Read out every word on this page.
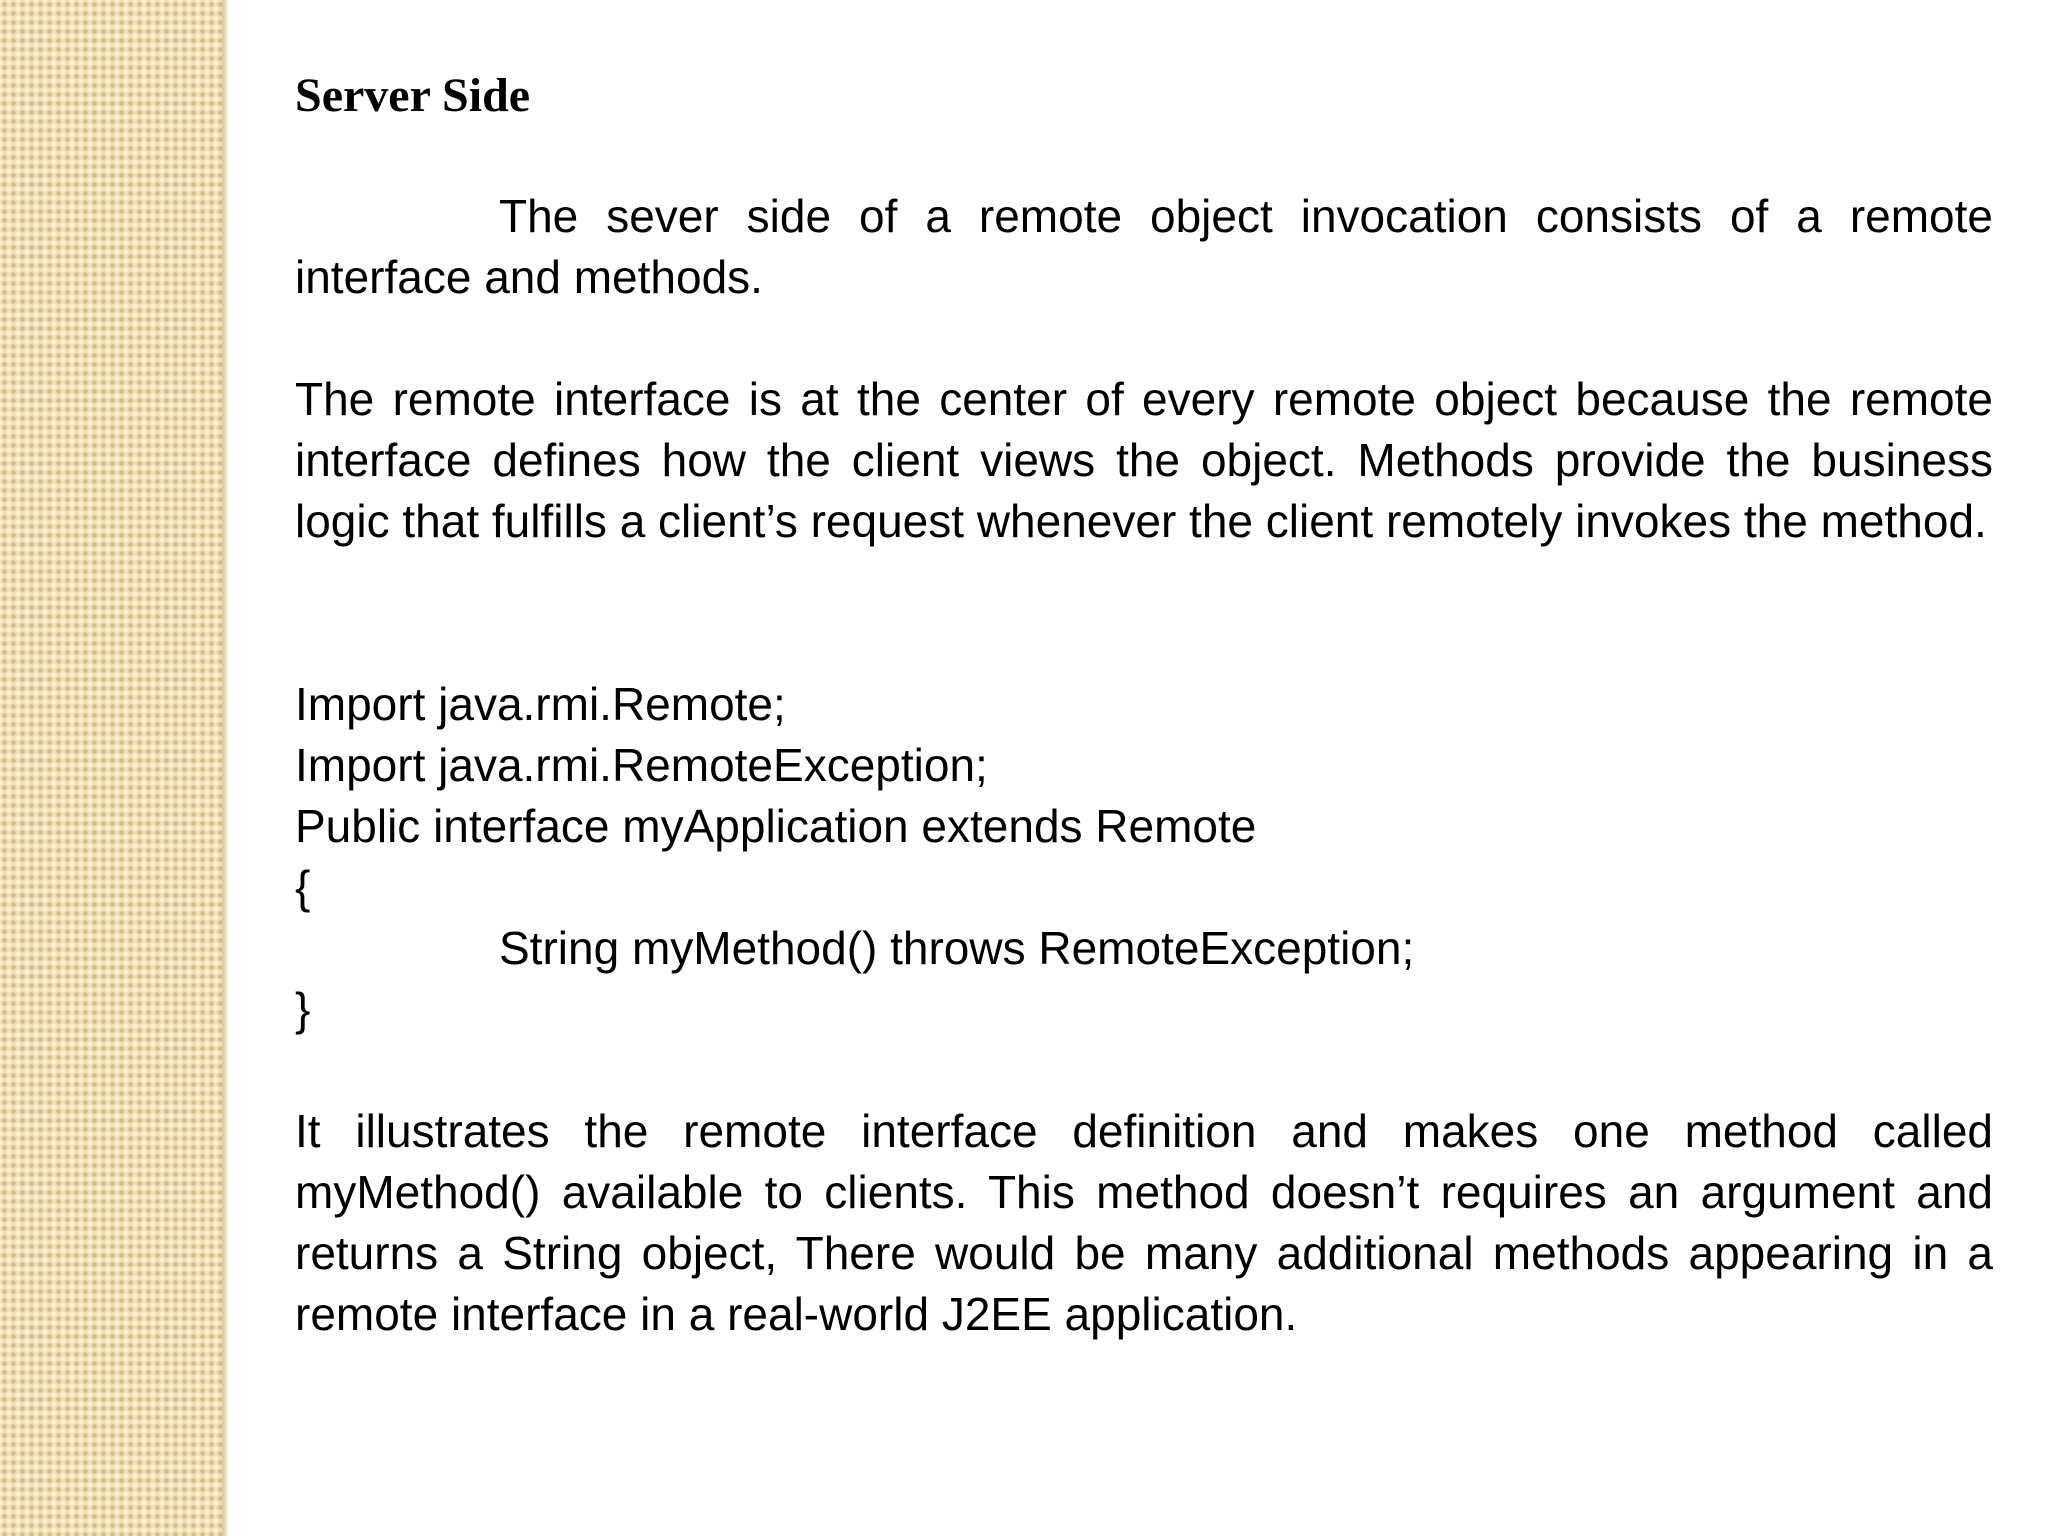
Server Side

The sever side of a remote object invocation consists of a remote interface and methods.

The remote interface is at the center of every remote object because the remote interface defines how the client views the object. Methods provide the business logic that fulfills a client’s request whenever the client remotely invokes the method.

Import java.rmi.Remote;

Import java.rmi.RemoteException;

Public interface myApplication extends Remote

{

String myMethod() throws RemoteException;

}

It illustrates the remote interface definition and makes one method called myMethod() available to clients. This method doesn’t requires an argument and returns a String object, There would be many additional methods appearing in a remote interface in a real-world J2EE application.
